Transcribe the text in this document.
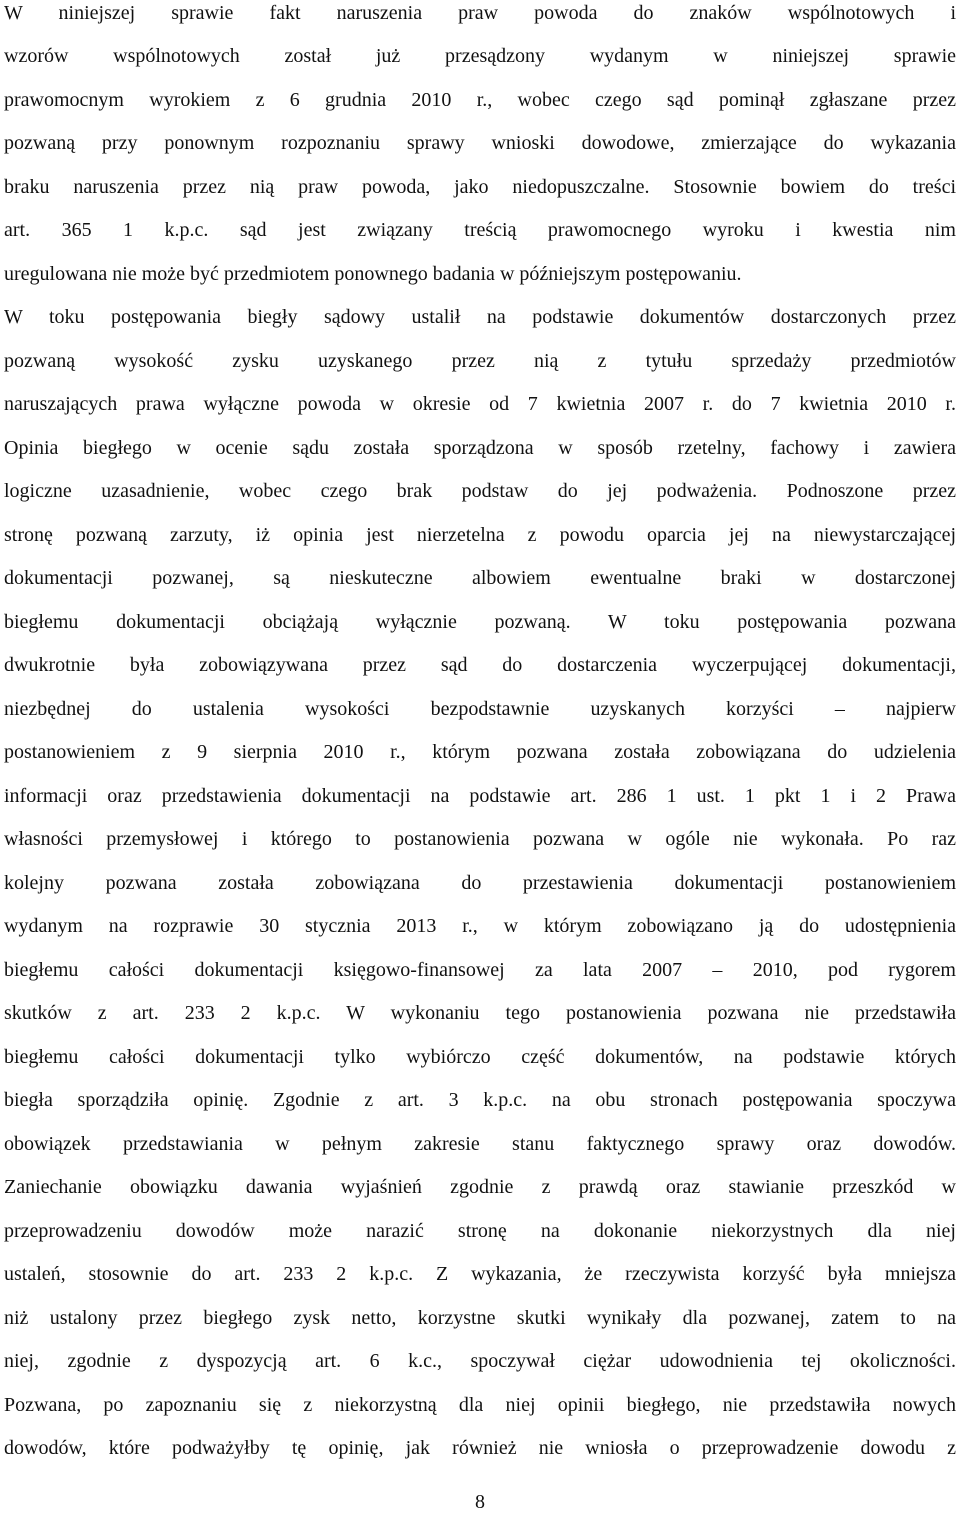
W niniejszej sprawie fakt naruszenia praw powoda do znaków wspólnotowych i
wzorów wspólnotowych został już przesądzony wydanym w niniejszej sprawie
prawomocnym wyrokiem z 6 grudnia 2010 r., wobec czego sąd pominął zgłaszane przez
pozwaną przy ponownym rozpoznaniu sprawy wnioski dowodowe, zmierzające do wykazania
braku naruszenia przez nią praw powoda, jako niedopuszczalne. Stosownie bowiem do treści
art. 365 1 k.p.c. sąd jest związany treścią prawomocnego wyroku i kwestia nim
uregulowana nie może być przedmiotem ponownego badania w późniejszym postępowaniu.
W toku postępowania biegły sądowy ustalił na podstawie dokumentów dostarczonych przez
pozwaną wysokość zysku uzyskanego przez nią z tytułu sprzedaży przedmiotów
naruszających prawa wyłączne powoda w okresie od 7 kwietnia 2007 r. do 7 kwietnia 2010 r.
Opinia biegłego w ocenie sądu została sporządzona w sposób rzetelny, fachowy i zawiera
logiczne uzasadnienie, wobec czego brak podstaw do jej podważenia. Podnoszone przez
stronę pozwaną zarzuty, iż opinia jest nierzetelna z powodu oparcia jej na niewystarczającej
dokumentacji pozwanej, są nieskuteczne albowiem ewentualne braki w dostarczonej
biegłemu dokumentacji obciążają wyłącznie pozwaną. W toku postępowania pozwana
dwukrotnie była zobowiązywana przez sąd do dostarczenia wyczerpującej dokumentacji,
niezbędnej do ustalenia wysokości bezpodstawnie uzyskanych korzyści – najpierw
postanowieniem z 9 sierpnia 2010 r., którym pozwana została zobowiązana do udzielenia
informacji oraz przedstawienia dokumentacji na podstawie art. 286 1 ust. 1 pkt 1 i 2 Prawa
własności przemysłowej i którego to postanowienia pozwana w ogóle nie wykonała. Po raz
kolejny pozwana została zobowiązana do przestawienia dokumentacji postanowieniem
wydanym na rozprawie 30 stycznia 2013 r., w którym zobowiązano ją do udostępnienia
biegłemu całości dokumentacji księgowo-finansowej za lata 2007 – 2010, pod rygorem
skutków z art. 233 2 k.p.c. W wykonaniu tego postanowienia pozwana nie przedstawiła
biegłemu całości dokumentacji tylko wybiórczo część dokumentów, na podstawie których
biegła sporządziła opinię. Zgodnie z art. 3 k.p.c. na obu stronach postępowania spoczywa
obowiązek przedstawiania w pełnym zakresie stanu faktycznego sprawy oraz dowodów.
Zaniechanie obowiązku dawania wyjaśnień zgodnie z prawdą oraz stawianie przeszkód w
przeprowadzeniu dowodów może narazić stronę na dokonanie niekorzystnych dla niej
ustaleń, stosownie do art. 233 2 k.p.c. Z wykazania, że rzeczywista korzyść była mniejsza
niż ustalony przez biegłego zysk netto, korzystne skutki wynikały dla pozwanej, zatem to na
niej, zgodnie z dyspozycją art. 6 k.c., spoczywał ciężar udowodnienia tej okoliczności.
Pozwana, po zapoznaniu się z niekorzystną dla niej opinii biegłego, nie przedstawiła nowych
dowodów, które podważyłby tę opinię, jak również nie wniosła o przeprowadzenie dowodu z
8
